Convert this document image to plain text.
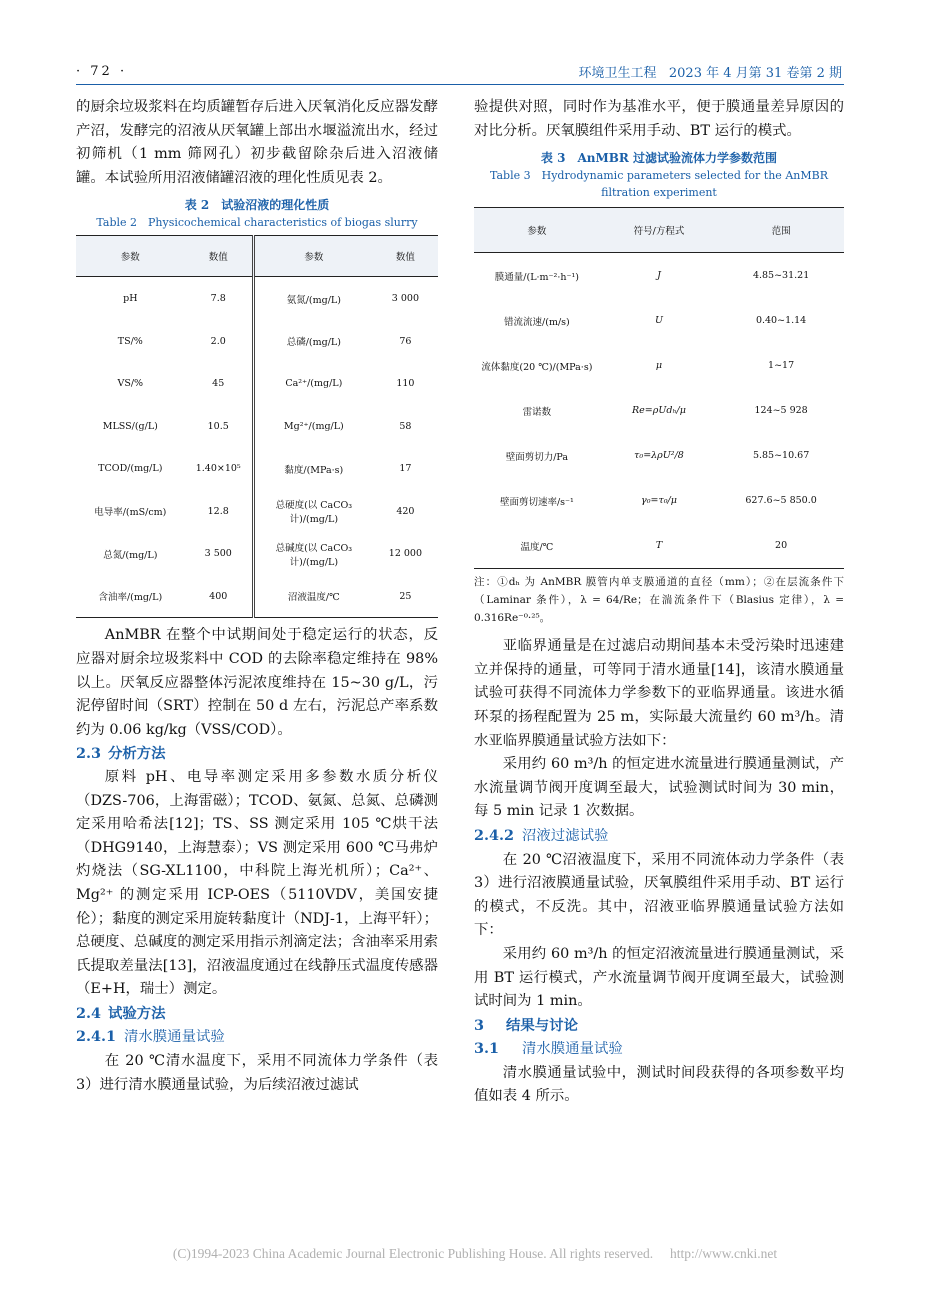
· 72 ·	环境卫生工程 2023 年 4 月第 31 卷第 2 期

的厨余垃圾浆料在均质罐暂存后进入厌氧消化反应器发酵产沼，发酵完的沼液从厌氧罐上部出水堰溢流出水，经过初筛机（1 mm 筛网孔）初步截留除杂后进入沼液储罐。本试验所用沼液储罐沼液的理化性质见表 2。

表 2　试验沼液的理化性质
Table 2　Physicochemical characteristics of biogas slurry
参数	数值	参数	数值
pH	7.8	氨氮/(mg/L)	3 000
TS/%	2.0	总磷/(mg/L)	76
VS/%	45	Ca²⁺/(mg/L)	110
MLSS/(g/L)	10.5	Mg²⁺/(mg/L)	58
TCOD/(mg/L)	1.40×10⁵	黏度/(MPa·s)	17
电导率/(mS/cm)	12.8	总硬度(以 CaCO₃ 计)/(mg/L)	420
总氮/(mg/L)	3 500	总碱度(以 CaCO₃ 计)/(mg/L)	12 000
含油率/(mg/L)	400	沼液温度/℃	25

AnMBR 在整个中试期间处于稳定运行的状态，反应器对厨余垃圾浆料中 COD 的去除率稳定维持在 98% 以上。厌氧反应器整体污泥浓度维持在 15~30 g/L，污泥停留时间（SRT）控制在 50 d 左右，污泥总产率系数约为 0.06 kg/kg（VSS/COD）。

2.3 分析方法

原料 pH、电导率测定采用多参数水质分析仪（DZS-706，上海雷磁）；TCOD、氨氮、总氮、总磷测定采用哈希法[12]；TS、SS 测定采用 105 ℃烘干法（DHG9140，上海慧泰）；VS 测定采用 600 ℃马弗炉灼烧法（SG-XL1100，中科院上海光机所）；Ca²⁺、Mg²⁺ 的测定采用 ICP-OES（5110VDV，美国安捷伦）；黏度的测定采用旋转黏度计（NDJ-1，上海平轩）；总硬度、总碱度的测定采用指示剂滴定法；含油率采用索氏提取差量法[13]，沼液温度通过在线静压式温度传感器（E+H，瑞士）测定。

2.4 试验方法
2.4.1 清水膜通量试验

在 20 ℃清水温度下，采用不同流体力学条件（表 3）进行清水膜通量试验，为后续沼液过滤试

验提供对照，同时作为基准水平，便于膜通量差异原因的对比分析。厌氧膜组件采用手动、BT 运行的模式。

表 3　AnMBR 过滤试验流体力学参数范围
Table 3　Hydrodynamic parameters selected for the AnMBR filtration experiment
参数	符号/方程式	范围
膜通量/(L·m⁻²·h⁻¹)	J	4.85~31.21
错流流速/(m/s)	U	0.40~1.14
流体黏度(20 ℃)/(MPa·s)	μ	1~17
雷诺数	Re=ρUdₕ/μ	124~5 928
壁面剪切力/Pa	τ₀=λρU²/8	5.85~10.67
壁面剪切速率/s⁻¹	γ₀=τ₀/μ	627.6~5 850.0
温度/℃	T	20
注：①dₕ 为 AnMBR 膜管内单支膜通道的直径（mm）；②在层流条件下（Laminar 条件），λ = 64/Re；在湍流条件下（Blasius 定律），λ = 0.316Re⁻⁰·²⁵。

亚临界通量是在过滤启动期间基本未受污染时迅速建立并保持的通量，可等同于清水通量[14]，该清水膜通量试验可获得不同流体力学参数下的亚临界通量。该进水循环泵的扬程配置为 25 m，实际最大流量约 60 m³/h。清水亚临界膜通量试验方法如下：

采用约 60 m³/h 的恒定进水流量进行膜通量测试，产水流量调节阀开度调至最大，试验测试时间为 30 min，每 5 min 记录 1 次数据。

2.4.2 沼液过滤试验

在 20 ℃沼液温度下，采用不同流体动力学条件（表 3）进行沼液膜通量试验，厌氧膜组件采用手动、BT 运行的模式，不反洗。其中，沼液亚临界膜通量试验方法如下：

采用约 60 m³/h 的恒定沼液流量进行膜通量测试，采用 BT 运行模式，产水流量调节阀开度调至最大，试验测试时间为 1 min。

3 结果与讨论
3.1 清水膜通量试验

清水膜通量试验中，测试时间段获得的各项参数平均值如表 4 所示。

(C)1994-2023 China Academic Journal Electronic Publishing House. All rights reserved.　 http://www.cnki.net
